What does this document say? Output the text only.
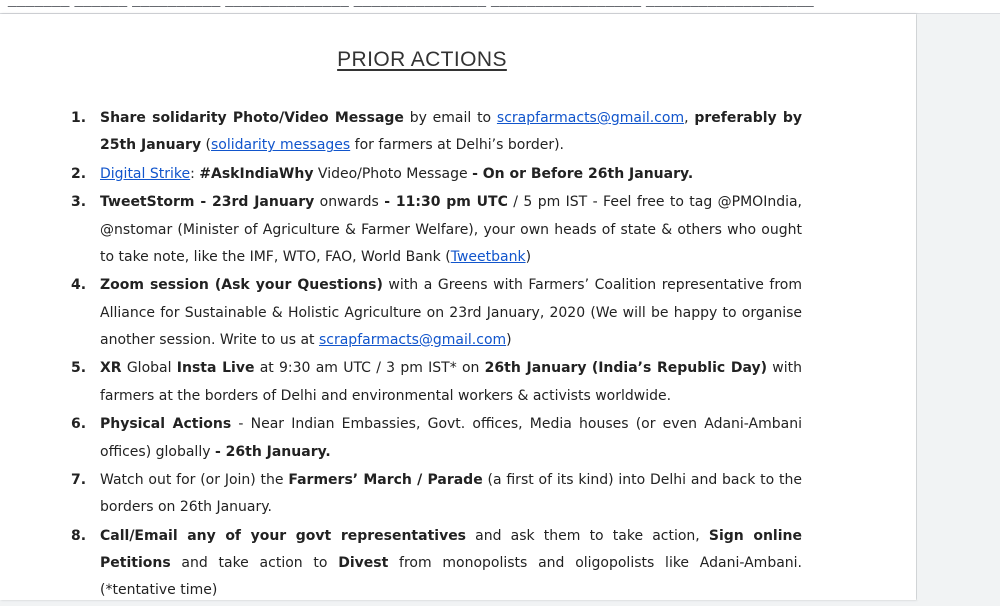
PRIOR ACTIONS
1. Share solidarity Photo/Video Message by email to scrapfarmacts@gmail.com, preferably by 25th January (solidarity messages for farmers at Delhi’s border).
2. Digital Strike: #AskIndiaWhy Video/Photo Message - On or Before 26th January.
3. TweetStorm - 23rd January onwards - 11:30 pm UTC / 5 pm IST - Feel free to tag @PMOIndia, @nstomar (Minister of Agriculture & Farmer Welfare), your own heads of state & others who ought to take note, like the IMF, WTO, FAO, World Bank (Tweetbank)
4. Zoom session (Ask your Questions) with a Greens with Farmers’ Coalition representative from Alliance for Sustainable & Holistic Agriculture on 23rd January, 2020 (We will be happy to organise another session. Write to us at scrapfarmacts@gmail.com)
5. XR Global Insta Live at 9:30 am UTC / 3 pm IST* on 26th January (India’s Republic Day) with farmers at the borders of Delhi and environmental workers & activists worldwide.
6. Physical Actions - Near Indian Embassies, Govt. offices, Media houses (or even Adani-Ambani offices) globally - 26th January.
7. Watch out for (or Join) the Farmers’ March / Parade (a first of its kind) into Delhi and back to the borders on 26th January.
8. Call/Email any of your govt representatives and ask them to take action, Sign online Petitions and take action to Divest from monopolists and oligopolists like Adani-Ambani. (*tentative time)
